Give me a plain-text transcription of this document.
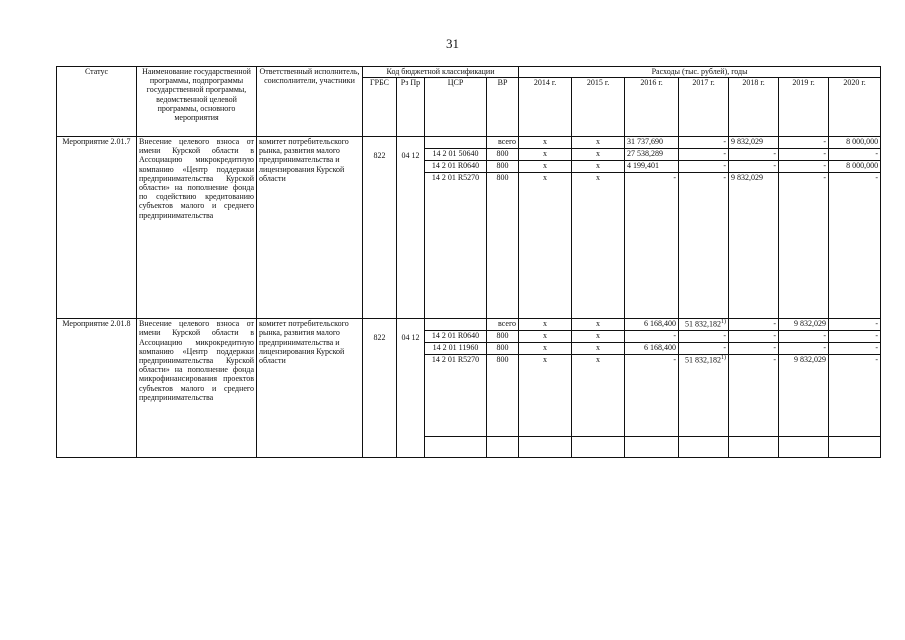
31
Статус	Наименование государственной программы, подпрограммы государственной программы, ведомственной целевой программы, основного мероприятия	Ответственный исполнитель, соисполнители, участники	Код бюджетной классификации				Расходы (тыс. рублей), годы						
			ГРБС	Рз Пр	ЦСР	ВР	2014 г.	2015 г.	2016 г.	2017 г.	2018 г.	2019 г.	2020 г.
Мероприятие 2.01.7	Внесение целевого взноса от имени Курской области в Ассоциацию микрокредитную компанию «Центр поддержки предпринимательства Курской области» на пополнение фонда по содействию кредитованию субъектов малого и среднего предпринимательства	комитет потребительского рынка, развития малого предпринимательства и лицензирования Курской области	822	04 12		всего	х	х	31 737,690	-	9 832,029	-	8 000,000
					14 2 01 50640	800	х	х	27 538,289	-	-	-	-
					14 2 01 R0640	800	х	х	4 199,401	-	-	-	8 000,000
					14 2 01 R5270	800	х	х	-	-	9 832,029	-	-
Мероприятие 2.01.8	Внесение целевого взноса от имени Курской области в Ассоциацию микрокредитную компанию «Центр поддержки предпринимательства Курской области» на пополнение фонда микрофинансирования проектов субъектов малого и среднего предпринимательства	комитет потребительского рынка, развития малого предпринимательства и лицензирования Курской области	822	04 12		всего	х	х	6 168,400	51 832,182$^{1)}$	-	9 832,029	-
					14 2 01 R0640	800	х	х	-	-	-	-	-
					14 2 01 11960	800	х	х	6 168,400	-	-	-	-
					14 2 01 R5270	800	х	х	-	51 832,182$^{1)}$	-	9 832,029	-
